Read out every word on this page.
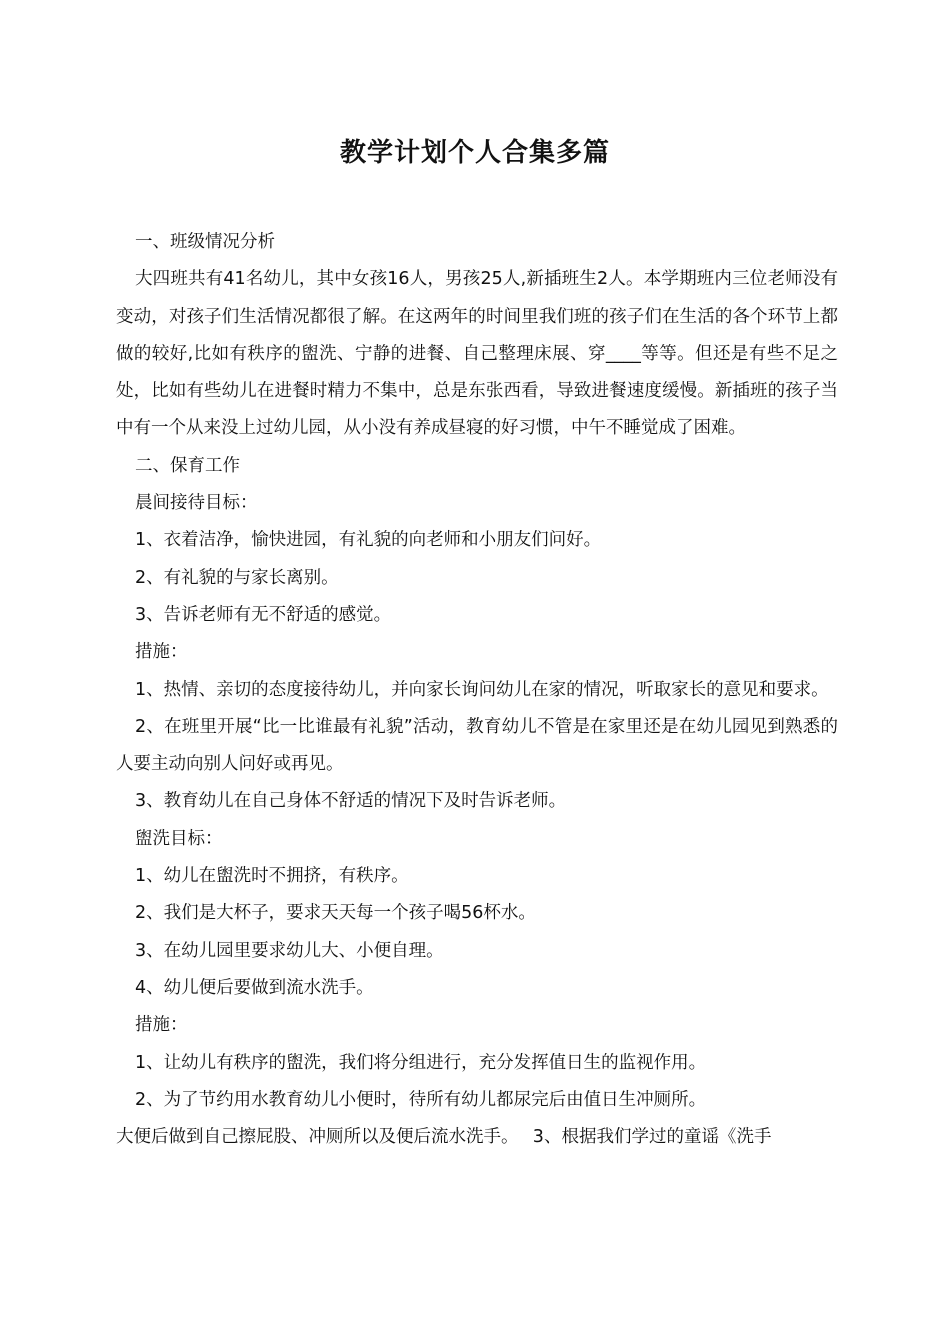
教学计划个人合集多篇

一、班级情况分析

大四班共有41名幼儿，其中女孩16人，男孩25人,新插班生2人。本学期班内三位老师没有变动，对孩子们生活情况都很了解。在这两年的时间里我们班的孩子们在生活的各个环节上都做的较好,比如有秩序的盥洗、宁静的进餐、自己整理床展、穿____等等。但还是有些不足之处，比如有些幼儿在进餐时精力不集中，总是东张西看，导致进餐速度缓慢。新插班的孩子当中有一个从来没上过幼儿园，从小没有养成昼寝的好习惯，中午不睡觉成了困难。

二、保育工作

晨间接待目标：

1、衣着洁净，愉快进园，有礼貌的向老师和小朋友们问好。

2、有礼貌的与家长离别。

3、告诉老师有无不舒适的感觉。

措施：

1、热情、亲切的态度接待幼儿，并向家长询问幼儿在家的情况，听取家长的意见和要求。

2、在班里开展“比一比谁最有礼貌”活动，教育幼儿不管是在家里还是在幼儿园见到熟悉的人要主动向别人问好或再见。

3、教育幼儿在自己身体不舒适的情况下及时告诉老师。

盥洗目标：

1、幼儿在盥洗时不拥挤，有秩序。

2、我们是大杯子，要求天天每一个孩子喝56杯水。

3、在幼儿园里要求幼儿大、小便自理。

4、幼儿便后要做到流水洗手。

措施：

1、让幼儿有秩序的盥洗，我们将分组进行，充分发挥值日生的监视作用。

2、为了节约用水教育幼儿小便时，待所有幼儿都尿完后由值日生冲厕所。

大便后做到自己擦屁股、冲厕所以及便后流水洗手。　 3、根据我们学过的童谣《洗手
